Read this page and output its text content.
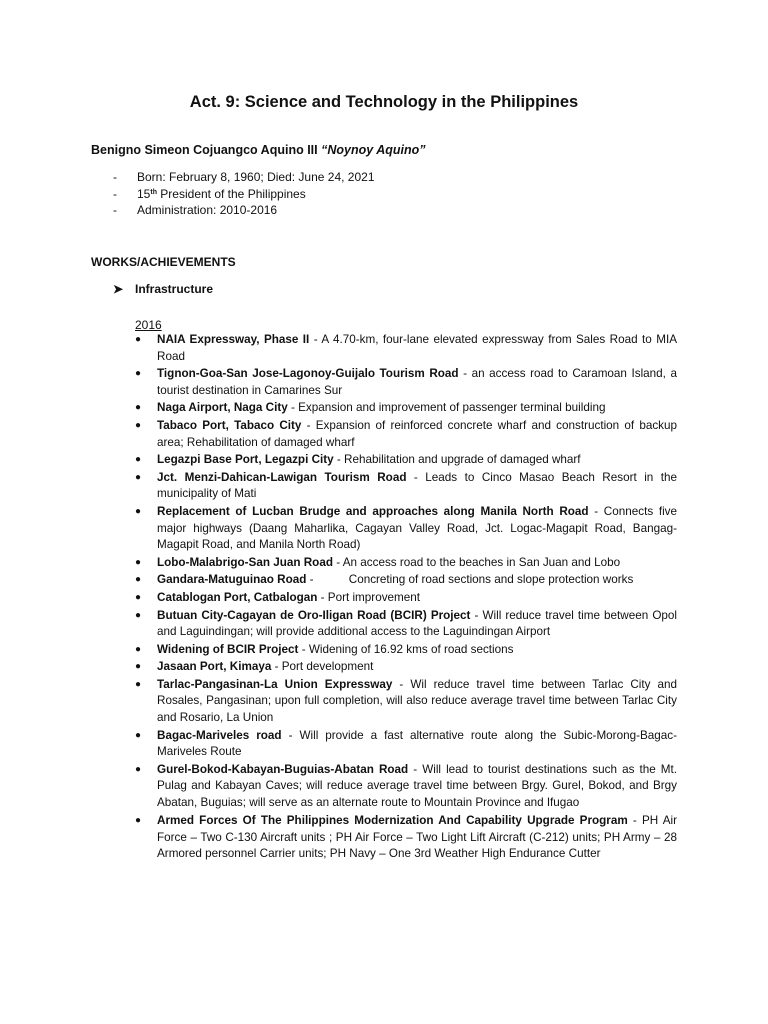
Act. 9: Science and Technology in the Philippines
Benigno Simeon Cojuangco Aquino III “Noynoy Aquino”
-	Born: February 8, 1960; Died: June 24, 2021
-	15th President of the Philippines
-	Administration: 2010-2016
WORKS/ACHIEVEMENTS
➤ Infrastructure
2016
●	NAIA Expressway, Phase II - A 4.70-km, four-lane elevated expressway from Sales Road to MIA Road
●	Tignon-Goa-San Jose-Lagonoy-Guijalo Tourism Road - an access road to Caramoan Island, a tourist destination in Camarines Sur
●	Naga Airport, Naga City - Expansion and improvement of passenger terminal building
●	Tabaco Port, Tabaco City - Expansion of reinforced concrete wharf and construction of backup area; Rehabilitation of damaged wharf
●	Legazpi Base Port, Legazpi City - Rehabilitation and upgrade of damaged wharf
●	Jct. Menzi-Dahican-Lawigan Tourism Road - Leads to Cinco Masao Beach Resort in the municipality of Mati
●	Replacement of Lucban Brudge and approaches along Manila North Road - Connects five major highways (Daang Maharlika, Cagayan Valley Road, Jct. Logac-Magapit Road, Bangag-Magapit Road, and Manila North Road)
●	Lobo-Malabrigo-San Juan Road - An access road to the beaches in San Juan and Lobo
●	Gandara-Matuguinao Road -	Concreting of road sections and slope protection works
●	Catablogan Port, Catbalogan - Port improvement
●	Butuan City-Cagayan de Oro-Iligan Road (BCIR) Project - Will reduce travel time between Opol and Laguindingan; will provide additional access to the Laguindingan Airport
●	Widening of BCIR Project - Widening of 16.92 kms of road sections
●	Jasaan Port, Kimaya - Port development
●	Tarlac-Pangasinan-La Union Expressway - Wil reduce travel time between Tarlac City and Rosales, Pangasinan; upon full completion, will also reduce average travel time between Tarlac City and Rosario, La Union
●	Bagac-Mariveles road - Will provide a fast alternative route along the Subic-Morong-Bagac-Mariveles Route
●	Gurel-Bokod-Kabayan-Buguias-Abatan Road - Will lead to tourist destinations such as the Mt. Pulag and Kabayan Caves; will reduce average travel time between Brgy. Gurel, Bokod, and Brgy Abatan, Buguias; will serve as an alternate route to Mountain Province and Ifugao
●	Armed Forces Of The Philippines Modernization And Capability Upgrade Program - PH Air Force – Two C-130 Aircraft units ; PH Air Force – Two Light Lift Aircraft (C-212) units; PH Army – 28 Armored personnel Carrier units; PH Navy – One 3rd Weather High Endurance Cutter
